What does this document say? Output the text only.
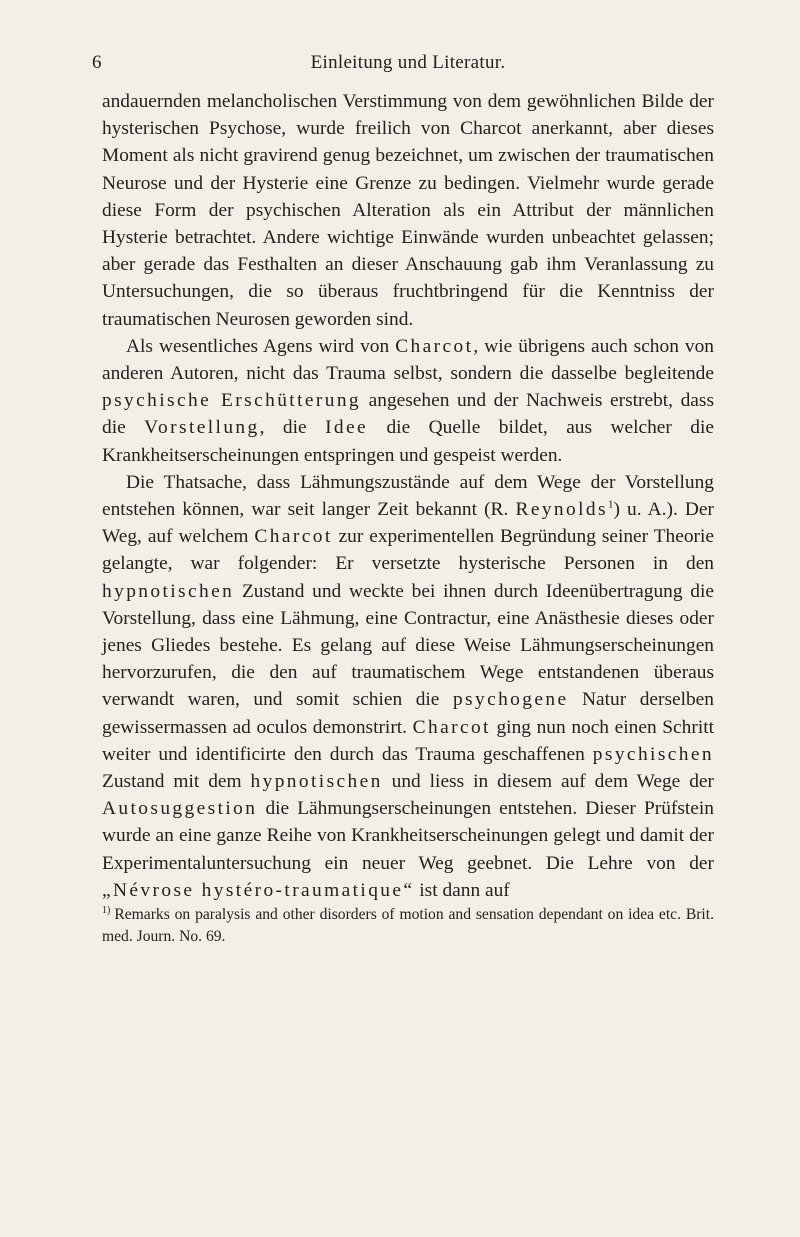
6	Einleitung und Literatur.

andauernden melancholischen Verstimmung von dem gewöhnlichen Bilde der hysterischen Psychose, wurde freilich von Charcot anerkannt, aber dieses Moment als nicht gravirend genug bezeichnet, um zwischen der traumatischen Neurose und der Hysterie eine Grenze zu bedingen. Vielmehr wurde gerade diese Form der psychischen Alteration als ein Attribut der männlichen Hysterie betrachtet. Andere wichtige Einwände wurden unbeachtet gelassen; aber gerade das Festhalten an dieser Anschauung gab ihm Veranlassung zu Untersuchungen, die so überaus fruchtbringend für die Kenntniss der traumatischen Neurosen geworden sind.

Als wesentliches Agens wird von Charcot, wie übrigens auch schon von anderen Autoren, nicht das Trauma selbst, sondern die dasselbe begleitende psychische Erschütterung angesehen und der Nachweis erstrebt, dass die Vorstellung, die Idee die Quelle bildet, aus welcher die Krankheitserscheinungen entspringen und gespeist werden.

Die Thatsache, dass Lähmungszustände auf dem Wege der Vorstellung entstehen können, war seit langer Zeit bekannt (R. Reynolds$^1$) u. A.). Der Weg, auf welchem Charcot zur experimentellen Begründung seiner Theorie gelangte, war folgender: Er versetzte hysterische Personen in den hypnotischen Zustand und weckte bei ihnen durch Ideenübertragung die Vorstellung, dass eine Lähmung, eine Contractur, eine Anästhesie dieses oder jenes Gliedes bestehe. Es gelang auf diese Weise Lähmungserscheinungen hervorzurufen, die den auf traumatischem Wege entstandenen überaus verwandt waren, und somit schien die psychogene Natur derselben gewissermassen ad oculos demonstrirt. Charcot ging nun noch einen Schritt weiter und identificirte den durch das Trauma geschaffenen psychischen Zustand mit dem hypnotischen und liess in diesem auf dem Wege der Autosuggestion die Lähmungserscheinungen entstehen. Dieser Prüfstein wurde an eine ganze Reihe von Krankheitserscheinungen gelegt und damit der Experimentaluntersuchung ein neuer Weg geebnet. Die Lehre von der „Névrose hystéro-traumatique“ ist dann auf

$^{1)}$ Remarks on paralysis and other disorders of motion and sensation dependant on idea etc. Brit. med. Journ. No. 69.
